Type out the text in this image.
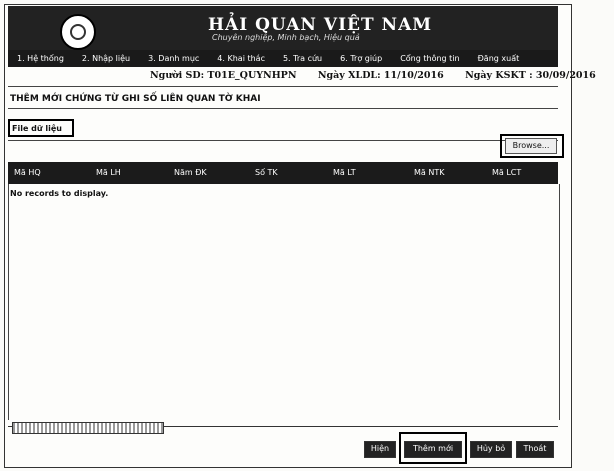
HẢI QUAN VIỆT NAM
Chuyên nghiệp, Minh bạch, Hiệu quả
1. Hệ thống	2. Nhập liệu	3. Danh mục	4. Khai thác	5. Tra cứu	6. Trợ giúp	Cổng thông tin	Đăng xuất
Người SD: T01E_QUYNHPN Ngày XLDL: 11/10/2016 Ngày KSKT : 30/09/2016
THÊM MỚI CHỨNG TỪ GHI SỐ LIÊN QUAN TỜ KHAI
File dữ liệu
Browse...
Mã HQ	Mã LH	Năm ĐK	Số TK	Mã LT	Mã NTK	Mã LCT
No records to display.
Hiện	Thêm mới	Hủy bỏ	Thoát
